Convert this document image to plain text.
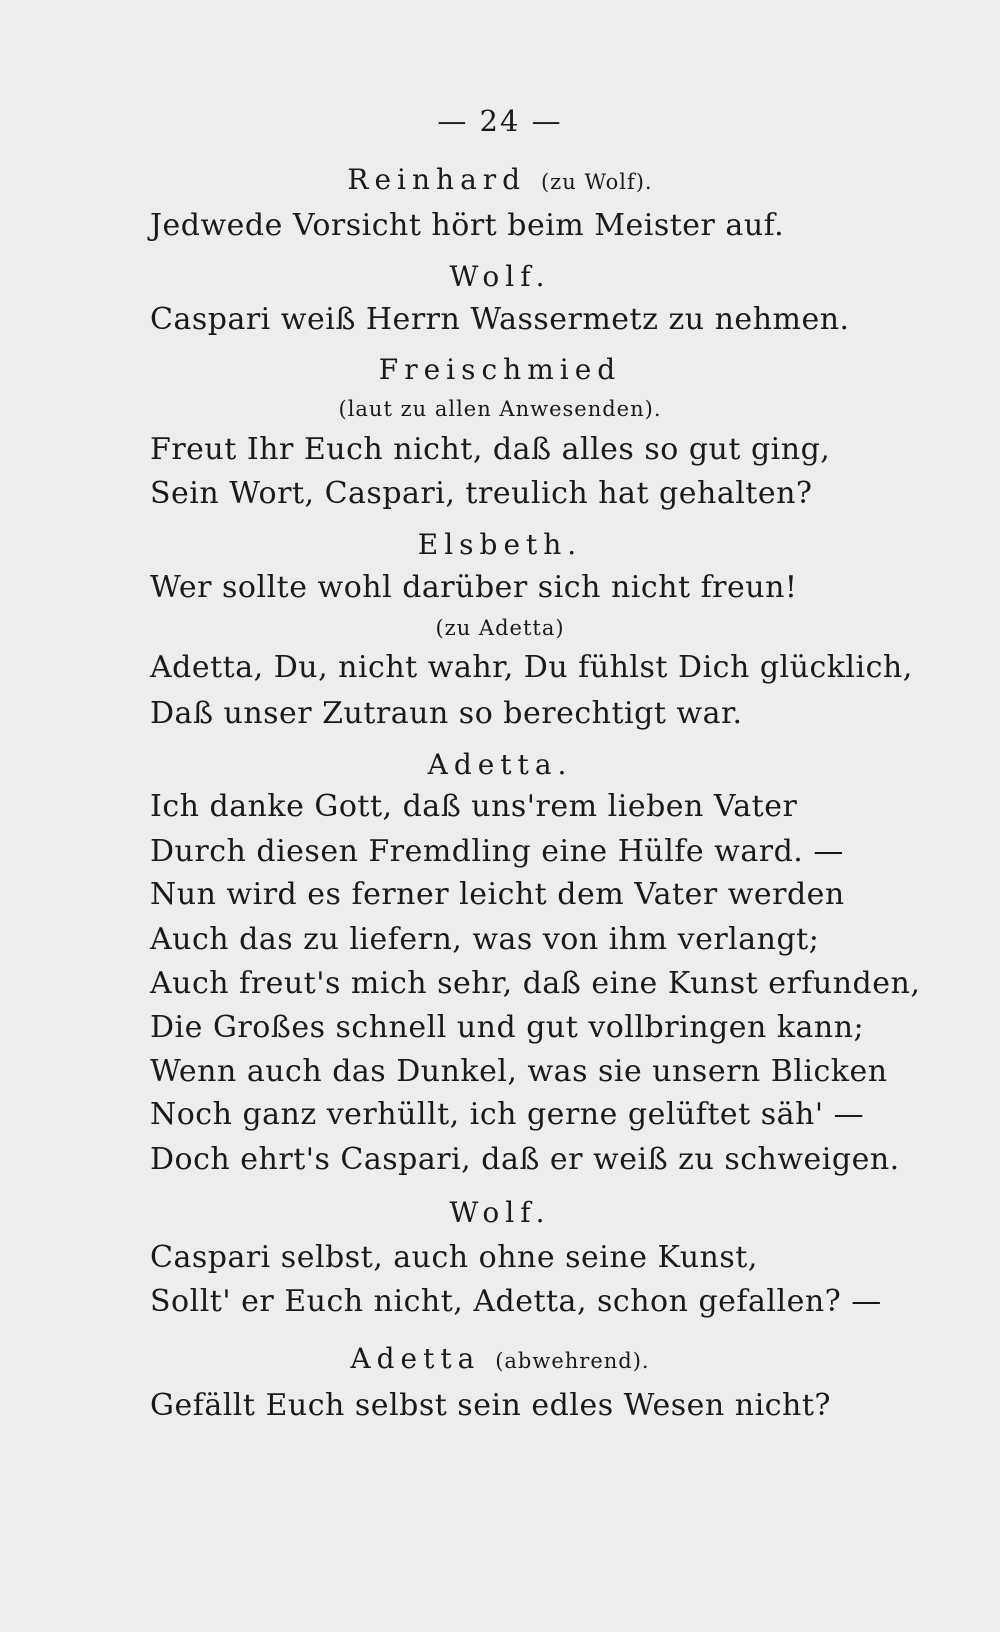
— 24 —
Reinhard (zu Wolf).
Jedwede Vorsicht hört beim Meister auf.
Wolf.
Caspari weiß Herrn Wassermetz zu nehmen.
Freischmied
(laut zu allen Anwesenden).
Freut Ihr Euch nicht, daß alles so gut ging,
Sein Wort, Caspari, treulich hat gehalten?
Elsbeth.
Wer sollte wohl darüber sich nicht freun!
(zu Adetta)
Adetta, Du, nicht wahr, Du fühlst Dich glücklich,
Daß unser Zutraun so berechtigt war.
Adetta.
Ich danke Gott, daß uns'rem lieben Vater
Durch diesen Fremdling eine Hülfe ward. —
Nun wird es ferner leicht dem Vater werden
Auch das zu liefern, was von ihm verlangt;
Auch freut's mich sehr, daß eine Kunst erfunden,
Die Großes schnell und gut vollbringen kann;
Wenn auch das Dunkel, was sie unsern Blicken
Noch ganz verhüllt, ich gerne gelüftet säh' —
Doch ehrt's Caspari, daß er weiß zu schweigen.
Wolf.
Caspari selbst, auch ohne seine Kunst,
Sollt' er Euch nicht, Adetta, schon gefallen? —
Adetta (abwehrend).
Gefällt Euch selbst sein edles Wesen nicht?
